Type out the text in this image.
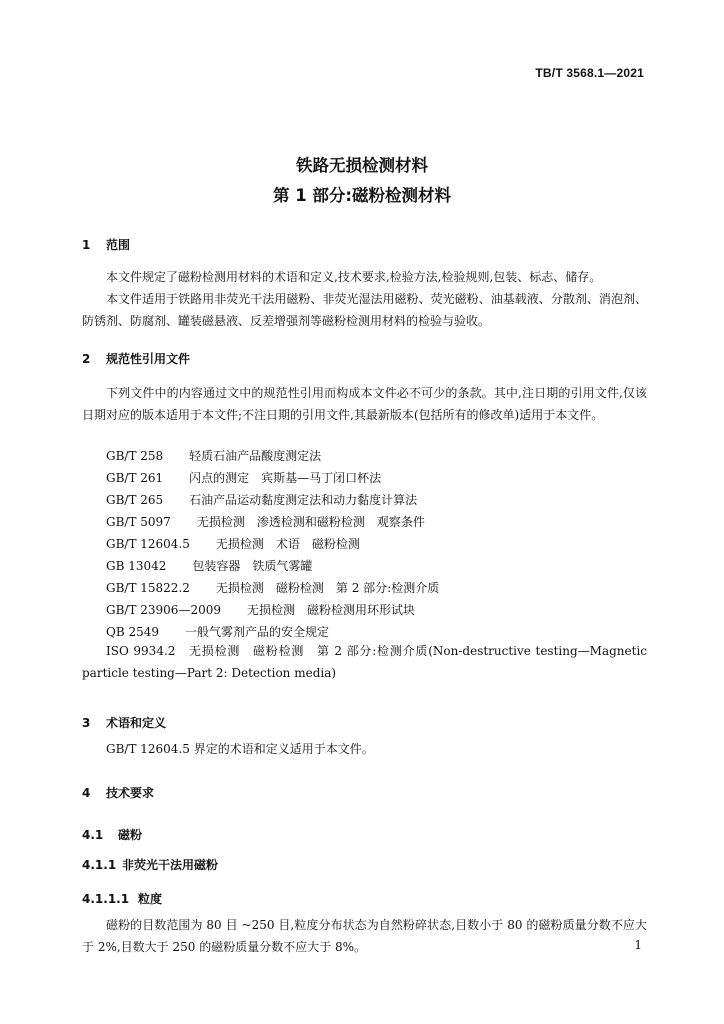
TB/T 3568.1—2021
铁路无损检测材料
第 1 部分:磁粉检测材料
1 范围
本文件规定了磁粉检测用材料的术语和定义,技术要求,检验方法,检验规则,包装、标志、储存。
本文件适用于铁路用非荧光干法用磁粉、非荧光湿法用磁粉、荧光磁粉、油基载液、分散剂、消泡剂、防锈剂、防腐剂、罐装磁悬液、反差增强剂等磁粉检测用材料的检验与验收。
2 规范性引用文件
下列文件中的内容通过文中的规范性引用而构成本文件必不可少的条款。其中,注日期的引用文件,仅该日期对应的版本适用于本文件;不注日期的引用文件,其最新版本(包括所有的修改单)适用于本文件。
GB/T 258 轻质石油产品酸度测定法
GB/T 261 闪点的测定　宾斯基—马丁闭口杯法
GB/T 265 石油产品运动黏度测定法和动力黏度计算法
GB/T 5097 无损检测　渗透检测和磁粉检测　观察条件
GB/T 12604.5 无损检测　术语　磁粉检测
GB 13042 包装容器　铁质气雾罐
GB/T 15822.2 无损检测　磁粉检测　第 2 部分:检测介质
GB/T 23906—2009 无损检测　磁粉检测用环形试块
QB 2549 一般气雾剂产品的安全规定
ISO 9934.2　无损检测　磁粉检测　第 2 部分:检测介质(Non-destructive testing—Magnetic particle testing—Part 2: Detection media)
3 术语和定义
GB/T 12604.5 界定的术语和定义适用于本文件。
4 技术要求
4.1 磁粉
4.1.1 非荧光干法用磁粉
4.1.1.1 粒度
磁粉的目数范围为 80 目 ~250 目,粒度分布状态为自然粉碎状态,目数小于 80 的磁粉质量分数不应大于 2%,目数大于 250 的磁粉质量分数不应大于 8%。	1
